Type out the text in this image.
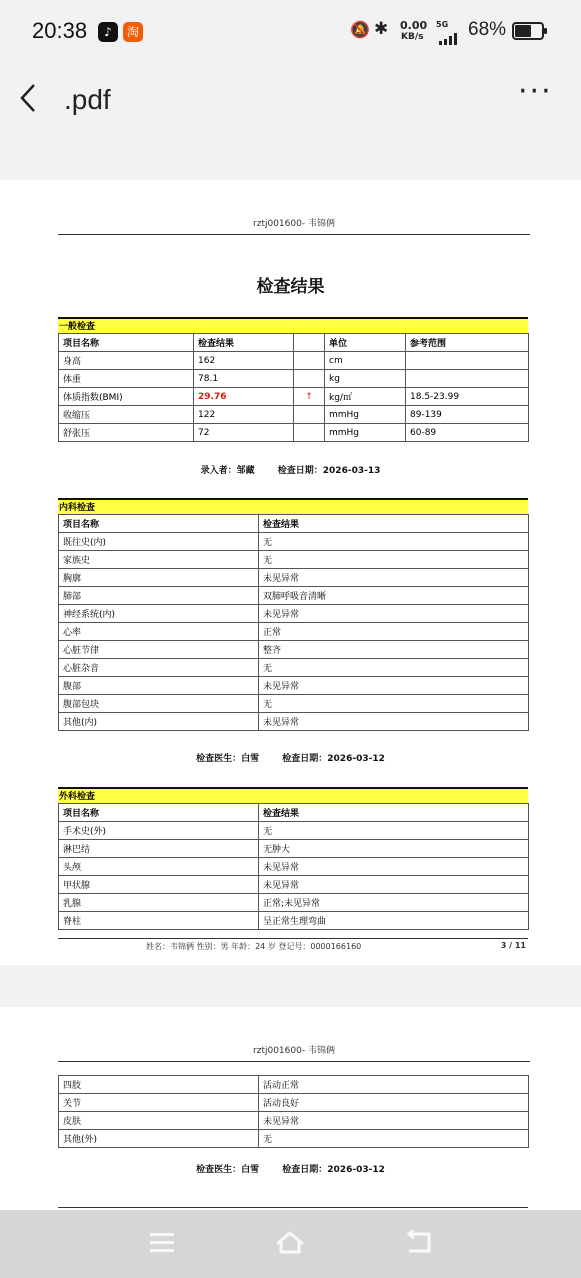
20:38	♪	淘	🔕 ✱ 0.00
KB/s
5G 68%
.pdf	···
rztj001600- 韦锦俩
检查结果
一般检查
项目名称	检查结果		单位	参考范围
身高	162		cm	
体重	78.1		kg	
体质指数(BMI)	29.76	↑	kg/㎡	18.5-23.99
收缩压	122		mmHg	89-139
舒张压	72		mmHg	60-89
录入者：邹藏	检查日期：2026-03-13
内科检查
项目名称	检查结果
既往史(内)	无
家族史	无
胸廓	未见异常
肺部	双肺呼吸音清晰
神经系统(内)	未见异常
心率	正常
心脏节律	整齐
心脏杂音	无
腹部	未见异常
腹部包块	无
其他(内)	未见异常
检查医生：白雪	检查日期：2026-03-12
外科检查
项目名称	检查结果
手术史(外)	无
淋巴结	无肿大
头颅	未见异常
甲状腺	未见异常
乳腺	正常;未见异常
脊柱	呈正常生理弯曲
姓名：韦锦俩 性别：男 年龄：24 岁 登记号：0000166160	3 / 11
rztj001600- 韦锦俩
四肢	活动正常
关节	活动良好
皮肤	未见异常
其他(外)	无
检查医生：白雪	检查日期：2026-03-12
